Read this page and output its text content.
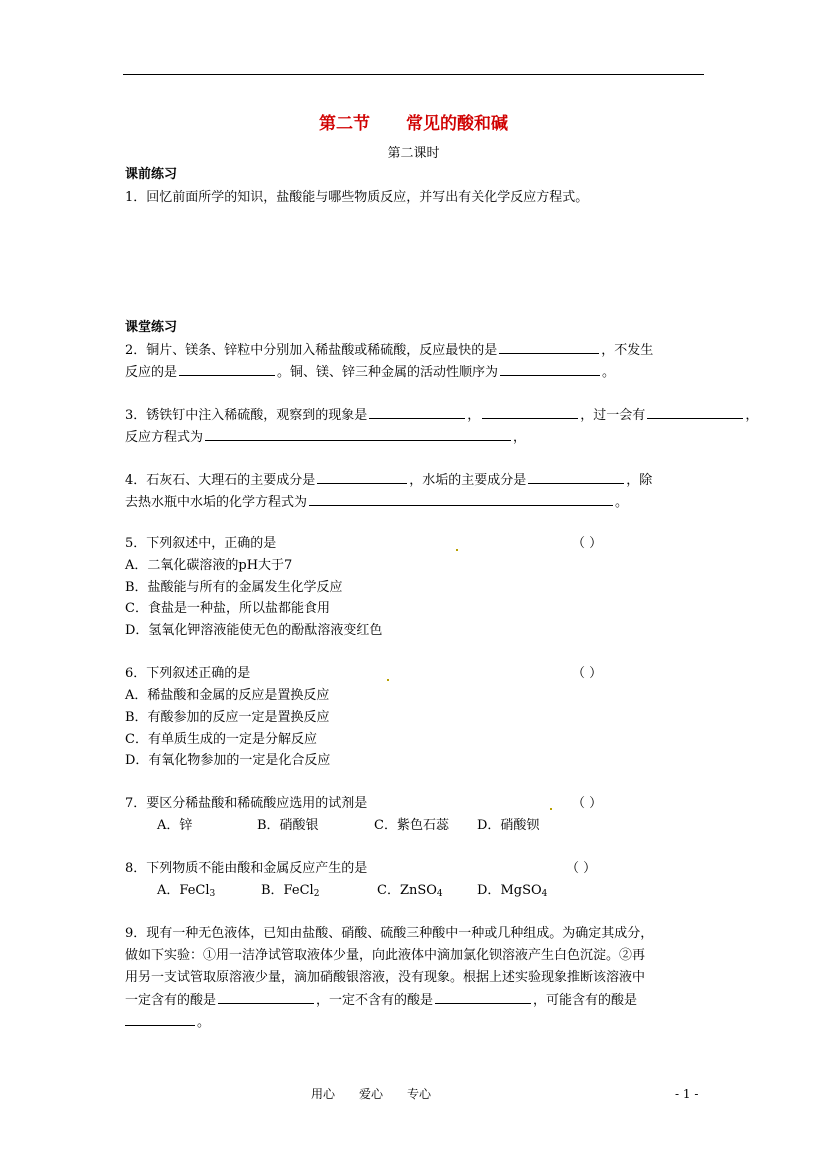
第二节 常见的酸和碱
第二课时
课前练习
1．回忆前面所学的知识，盐酸能与哪些物质反应，并写出有关化学反应方程式。
课堂练习
2．铜片、镁条、锌粒中分别加入稀盐酸或稀硫酸，反应最快的是	，不发生
反应的是	。铜、镁、锌三种金属的活动性顺序为	。
3．锈铁钉中注入稀硫酸，观察到的现象是	，	，过一会有	，
反应方程式为	，
4．石灰石、大理石的主要成分是	，水垢的主要成分是	，除
去热水瓶中水垢的化学方程式为	。
5．下列叙述中，正确的是	（ ）
A．二氧化碳溶液的pH大于7
B．盐酸能与所有的金属发生化学反应
C．食盐是一种盐，所以盐都能食用
D．氢氧化钾溶液能使无色的酚酞溶液变红色
6．下列叙述正确的是	（ ）
A．稀盐酸和金属的反应是置换反应
B．有酸参加的反应一定是置换反应
C．有单质生成的一定是分解反应
D．有氧化物参加的一定是化合反应
7．要区分稀盐酸和稀硫酸应选用的试剂是	（ ）
A．锌	B．硝酸银	C．紫色石蕊 D．硝酸钡
8．下列物质不能由酸和金属反应产生的是	（ ）
A．FeCl$_3$	B．FeCl$_2$	C．ZnSO$_4$	D．MgSO$_4$
9．现有一种无色液体，已知由盐酸、硝酸、硫酸三种酸中一种或几种组成。为确定其成分，
做如下实验：①用一洁净试管取液体少量，向此液体中滴加氯化钡溶液产生白色沉淀。②再
用另一支试管取原溶液少量，滴加硝酸银溶液，没有现象。根据上述实验现象推断该溶液中
一定含有的酸是	，一定不含有的酸是	，可能含有的酸是
。
用心　　爱心　　专心	- 1 -
